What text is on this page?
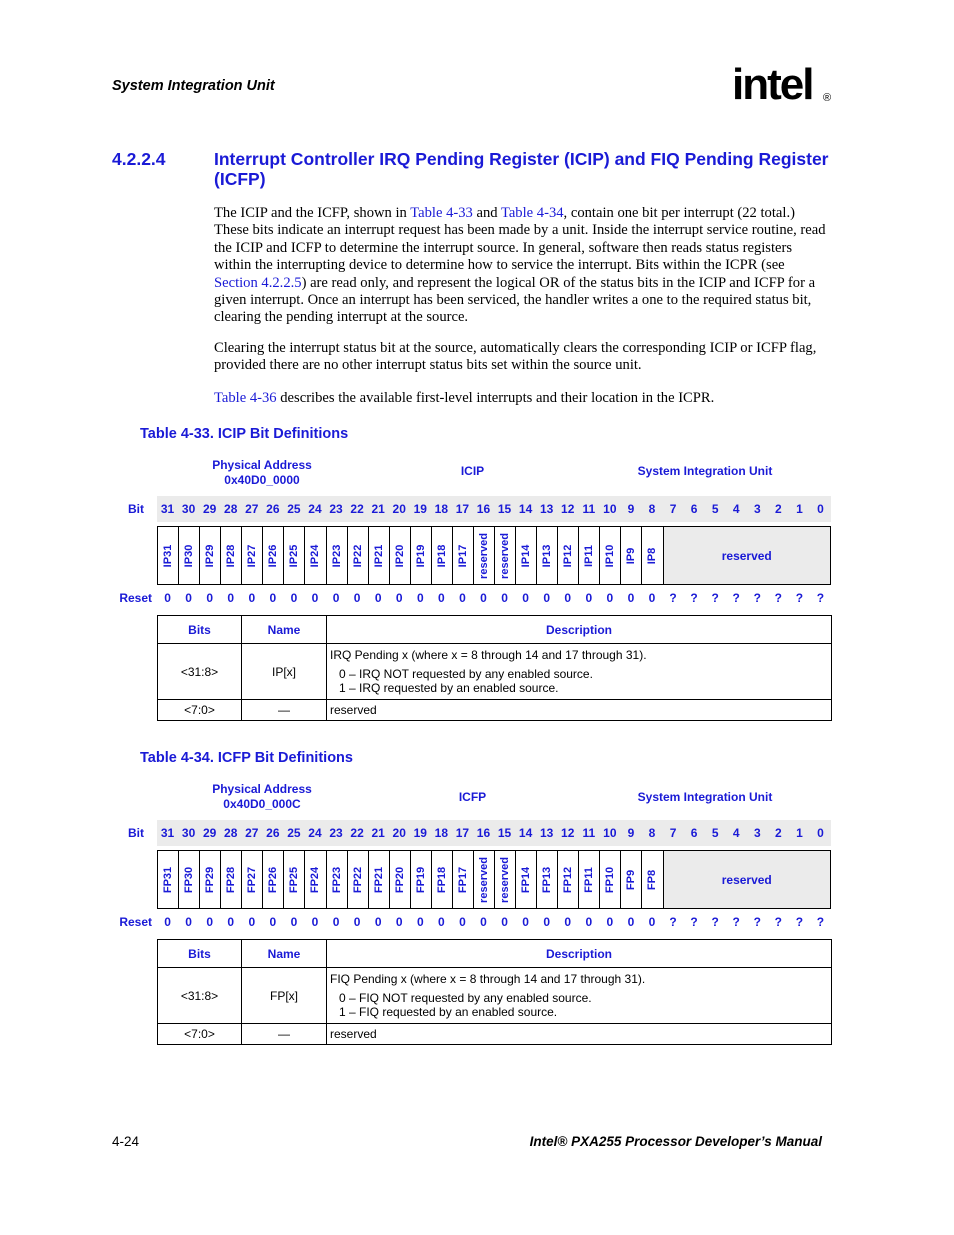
System Integration Unit	intel ®
4.2.2.4	Interrupt Controller IRQ Pending Register (ICIP) and FIQ Pending Register (ICFP)
The ICIP and the ICFP, shown in Table 4-33 and Table 4-34, contain one bit per interrupt (22 total.) These bits indicate an interrupt request has been made by a unit. Inside the interrupt service routine, read the ICIP and ICFP to determine the interrupt source. In general, software then reads status registers within the interrupting device to determine how to service the interrupt. Bits within the ICPR (see Section 4.2.2.5) are read only, and represent the logical OR of the status bits in the ICIP and ICFP for a given interrupt. Once an interrupt has been serviced, the handler writes a one to the required status bit, clearing the pending interrupt at the source.
Clearing the interrupt status bit at the source, automatically clears the corresponding ICIP or ICFP flag, provided there are no other interrupt status bits set within the source unit.
Table 4-36 describes the available first-level interrupts and their location in the ICPR.
Table 4-33. ICIP Bit Definitions
Physical Address
0x40D0_0000
ICIP	System Integration Unit
Bit	31 30 29 28 27 26 25 24 23 22 21 20 19 18 17 16 15 14 13 12 11 10 9	8	7	6	5	4	3	2	1	0
IP31 IP30 IP29 IP28 IP27 IP26 IP25 IP24 IP23 IP22 IP21 IP20 IP19 IP18 IP17 reserved reserved IP14 IP13 IP12 IP11 IP10 IP9 IP8	reserved
Reset	0	0	0	0	0	0	0	0	0	0	0	0	0	0	0	0	0	0	0	0	0	0	0	0	?	?	?	?	?	?	?	?
Bits	Name	Description
<31:8>	IP[x]	IRQ Pending x (where x = 8 through 14 and 17 through 31).
0 – IRQ NOT requested by any enabled source.
1 – IRQ requested by an enabled source.

<7:0>	—	reserved
Table 4-34. ICFP Bit Definitions
Physical Address
0x40D0_000C	ICFP	System Integration Unit
Bit	31 30 29 28 27 26 25 24 23 22 21 20 19 18 17 16 15 14 13 12 11 10 9	8	7	6	5	4	3	2	1	0
FP31 FP30 FP29 FP28 FP27 FP26 FP25 FP24 FP23 FP22 FP21 FP20 FP19 FP18 FP17 reserved reserved FP14 FP13 FP12 FP11 FP10 FP9 FP8	reserved
Reset	0	0	0	0	0	0	0	0	0	0	0	0	0	0	0	0	0	0	0	0	0	0	0	0	?	?	?	?	?	?	?	?
Bits	Name	Description
<31:8>	FP[x]	FIQ Pending x (where x = 8 through 14 and 17 through 31).
0 – FIQ NOT requested by any enabled source.
1 – FIQ requested by an enabled source.

<7:0>	—	reserved
4-24	Intel® PXA255 Processor Developer’s Manual
